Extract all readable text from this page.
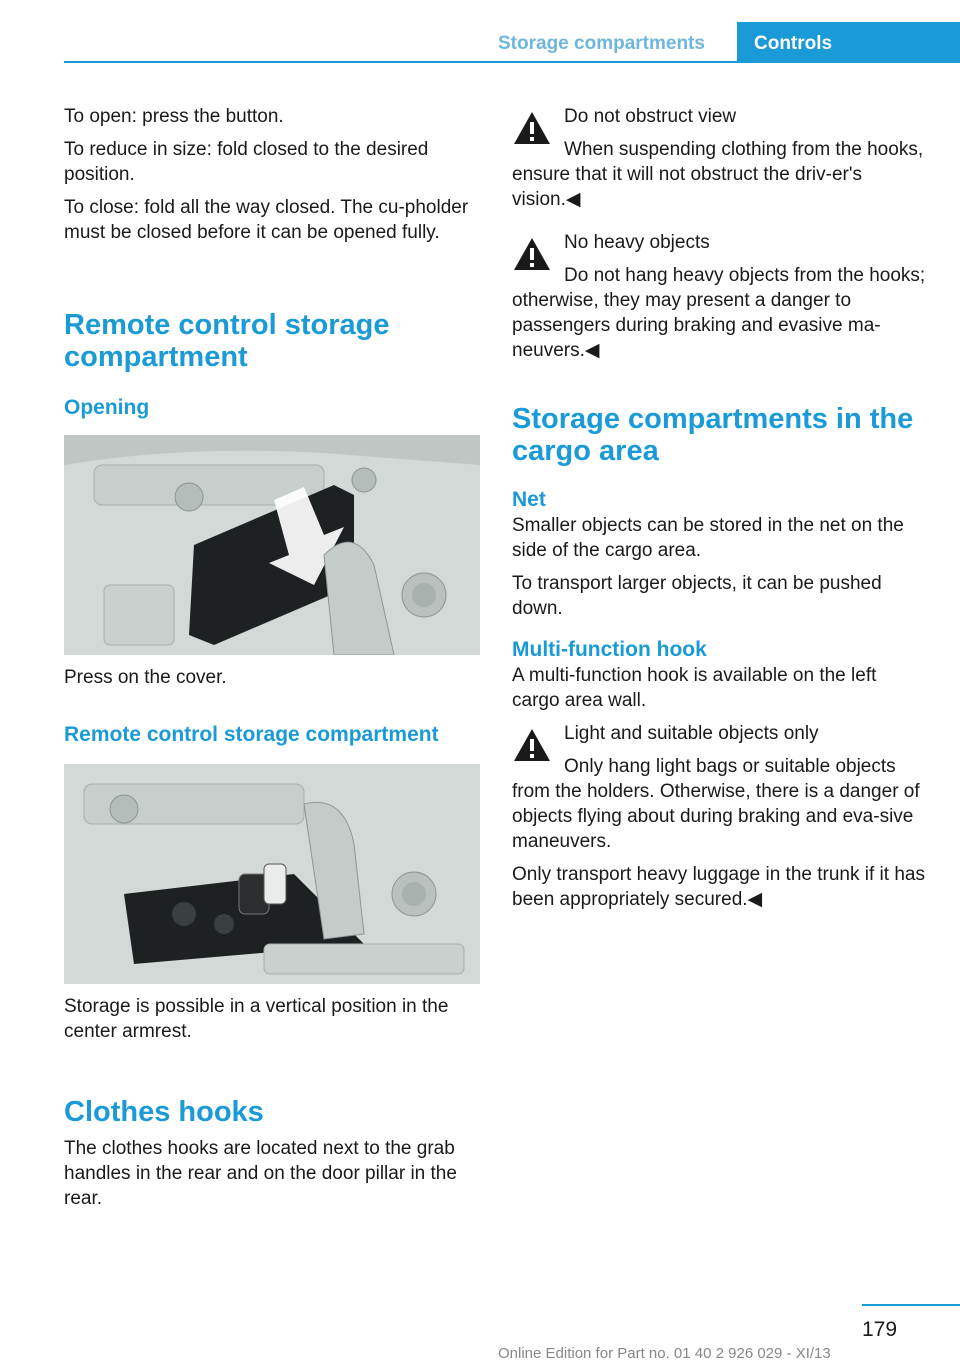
Storage compartments	Controls

To open: press the button.

To reduce in size: fold closed to the desired position.

To close: fold all the way closed. The cu-pholder must be closed before it can be opened fully.

Remote control storage compartment
Opening

Press on the cover.

Remote control storage compartment

Storage is possible in a vertical position in the center armrest.

Clothes hooks

The clothes hooks are located next to the grab handles in the rear and on the door pillar in the rear.

Do not obstruct view

When suspending clothing from the hooks, ensure that it will not obstruct the driv-er's vision.◀

No heavy objects

Do not hang heavy objects from the hooks; otherwise, they may present a danger to passengers during braking and evasive ma-neuvers.◀

Storage compartments in the cargo area
Net

Smaller objects can be stored in the net on the side of the cargo area.

To transport larger objects, it can be pushed down.

Multi-function hook

A multi-function hook is available on the left cargo area wall.

Light and suitable objects only

Only hang light bags or suitable objects from the holders. Otherwise, there is a danger of objects flying about during braking and eva-sive maneuvers.

Only transport heavy luggage in the trunk if it has been appropriately secured.◀

179
Online Edition for Part no. 01 40 2 926 029 - XI/13
